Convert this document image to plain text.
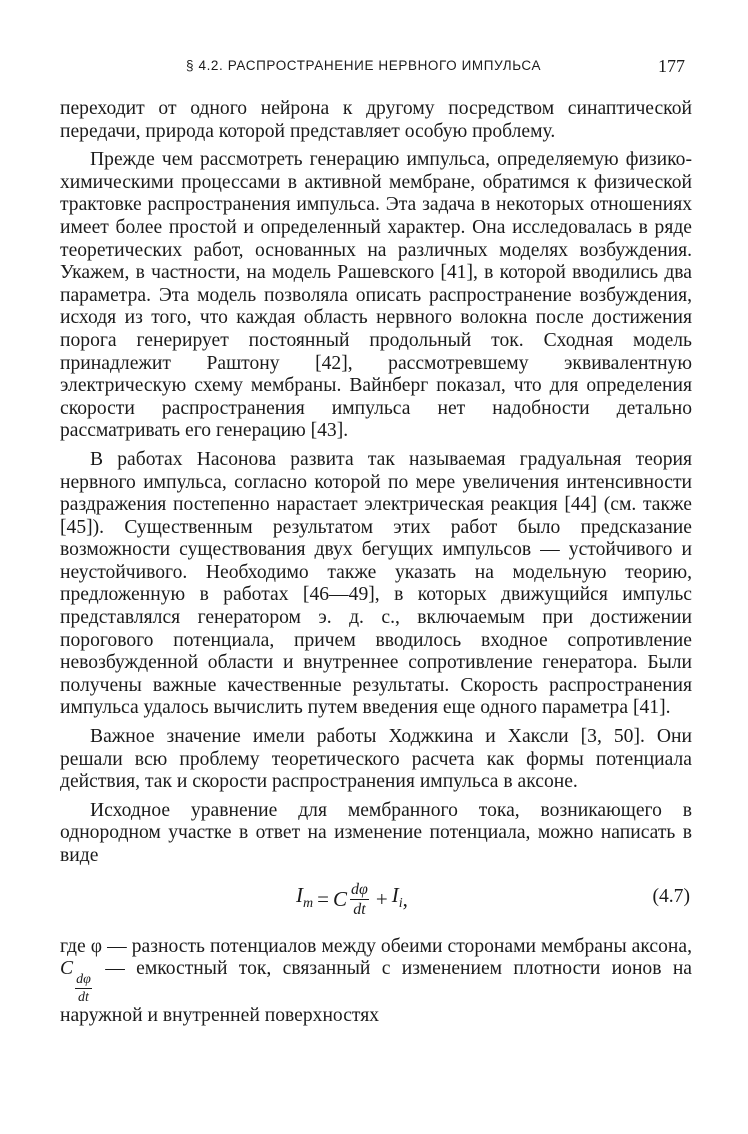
§ 4.2. РАСПРОСТРАНЕНИЕ НЕРВНОГО ИМПУЛЬСА	177

переходит от одного нейрона к другому посредством синаптической передачи, природа которой представляет особую проблему.

Прежде чем рассмотреть генерацию импульса, определяемую физико-химическими процессами в активной мембране, обратимся к физической трактовке распространения импульса. Эта задача в некоторых отношениях имеет более простой и определенный характер. Она исследовалась в ряде теоретических работ, основанных на различных моделях возбуждения. Укажем, в частности, на модель Рашевского [41], в которой вводились два параметра. Эта модель позволяла описать распространение возбуждения, исходя из того, что каждая область нервного волокна после достижения порога генерирует постоянный продольный ток. Сходная модель принадлежит Раштону [42], рассмотревшему эквивалентную электрическую схему мембраны. Вайнберг показал, что для определения скорости распространения импульса нет надобности детально рассматривать его генерацию [43].

В работах Насонова развита так называемая градуальная теория нервного импульса, согласно которой по мере увеличения интенсивности раздражения постепенно нарастает электрическая реакция [44] (см. также [45]). Существенным результатом этих работ было предсказание возможности существования двух бегущих импульсов — устойчивого и неустойчивого. Необходимо также указать на модельную теорию, предложенную в работах [46—49], в которых движущийся импульс представлялся генератором э. д. с., включаемым при достижении порогового потенциала, причем вводилось входное сопротивление невозбужденной области и внутреннее сопротивление генератора. Были получены важные качественные результаты. Скорость распространения импульса удалось вычислить путем введения еще одного параметра [41].

Важное значение имели работы Ходжкина и Хаксли [3, 50]. Они решали всю проблему теоретического расчета как формы потенциала действия, так и скорости распространения импульса в аксоне.

Исходное уравнение для мембранного тока, возникающего в однородном участке в ответ на изменение потенциала, можно написать в виде

$I_m = C \frac{d\varphi}{dt} + I_i$ ,	(4.7)

где φ — разность потенциалов между обеими сторонами мембраны аксона, C
$\frac{d\varphi}{dt}$
— емкостный ток, связанный с изменением плотности ионов на наружной и внутренней поверхностях
